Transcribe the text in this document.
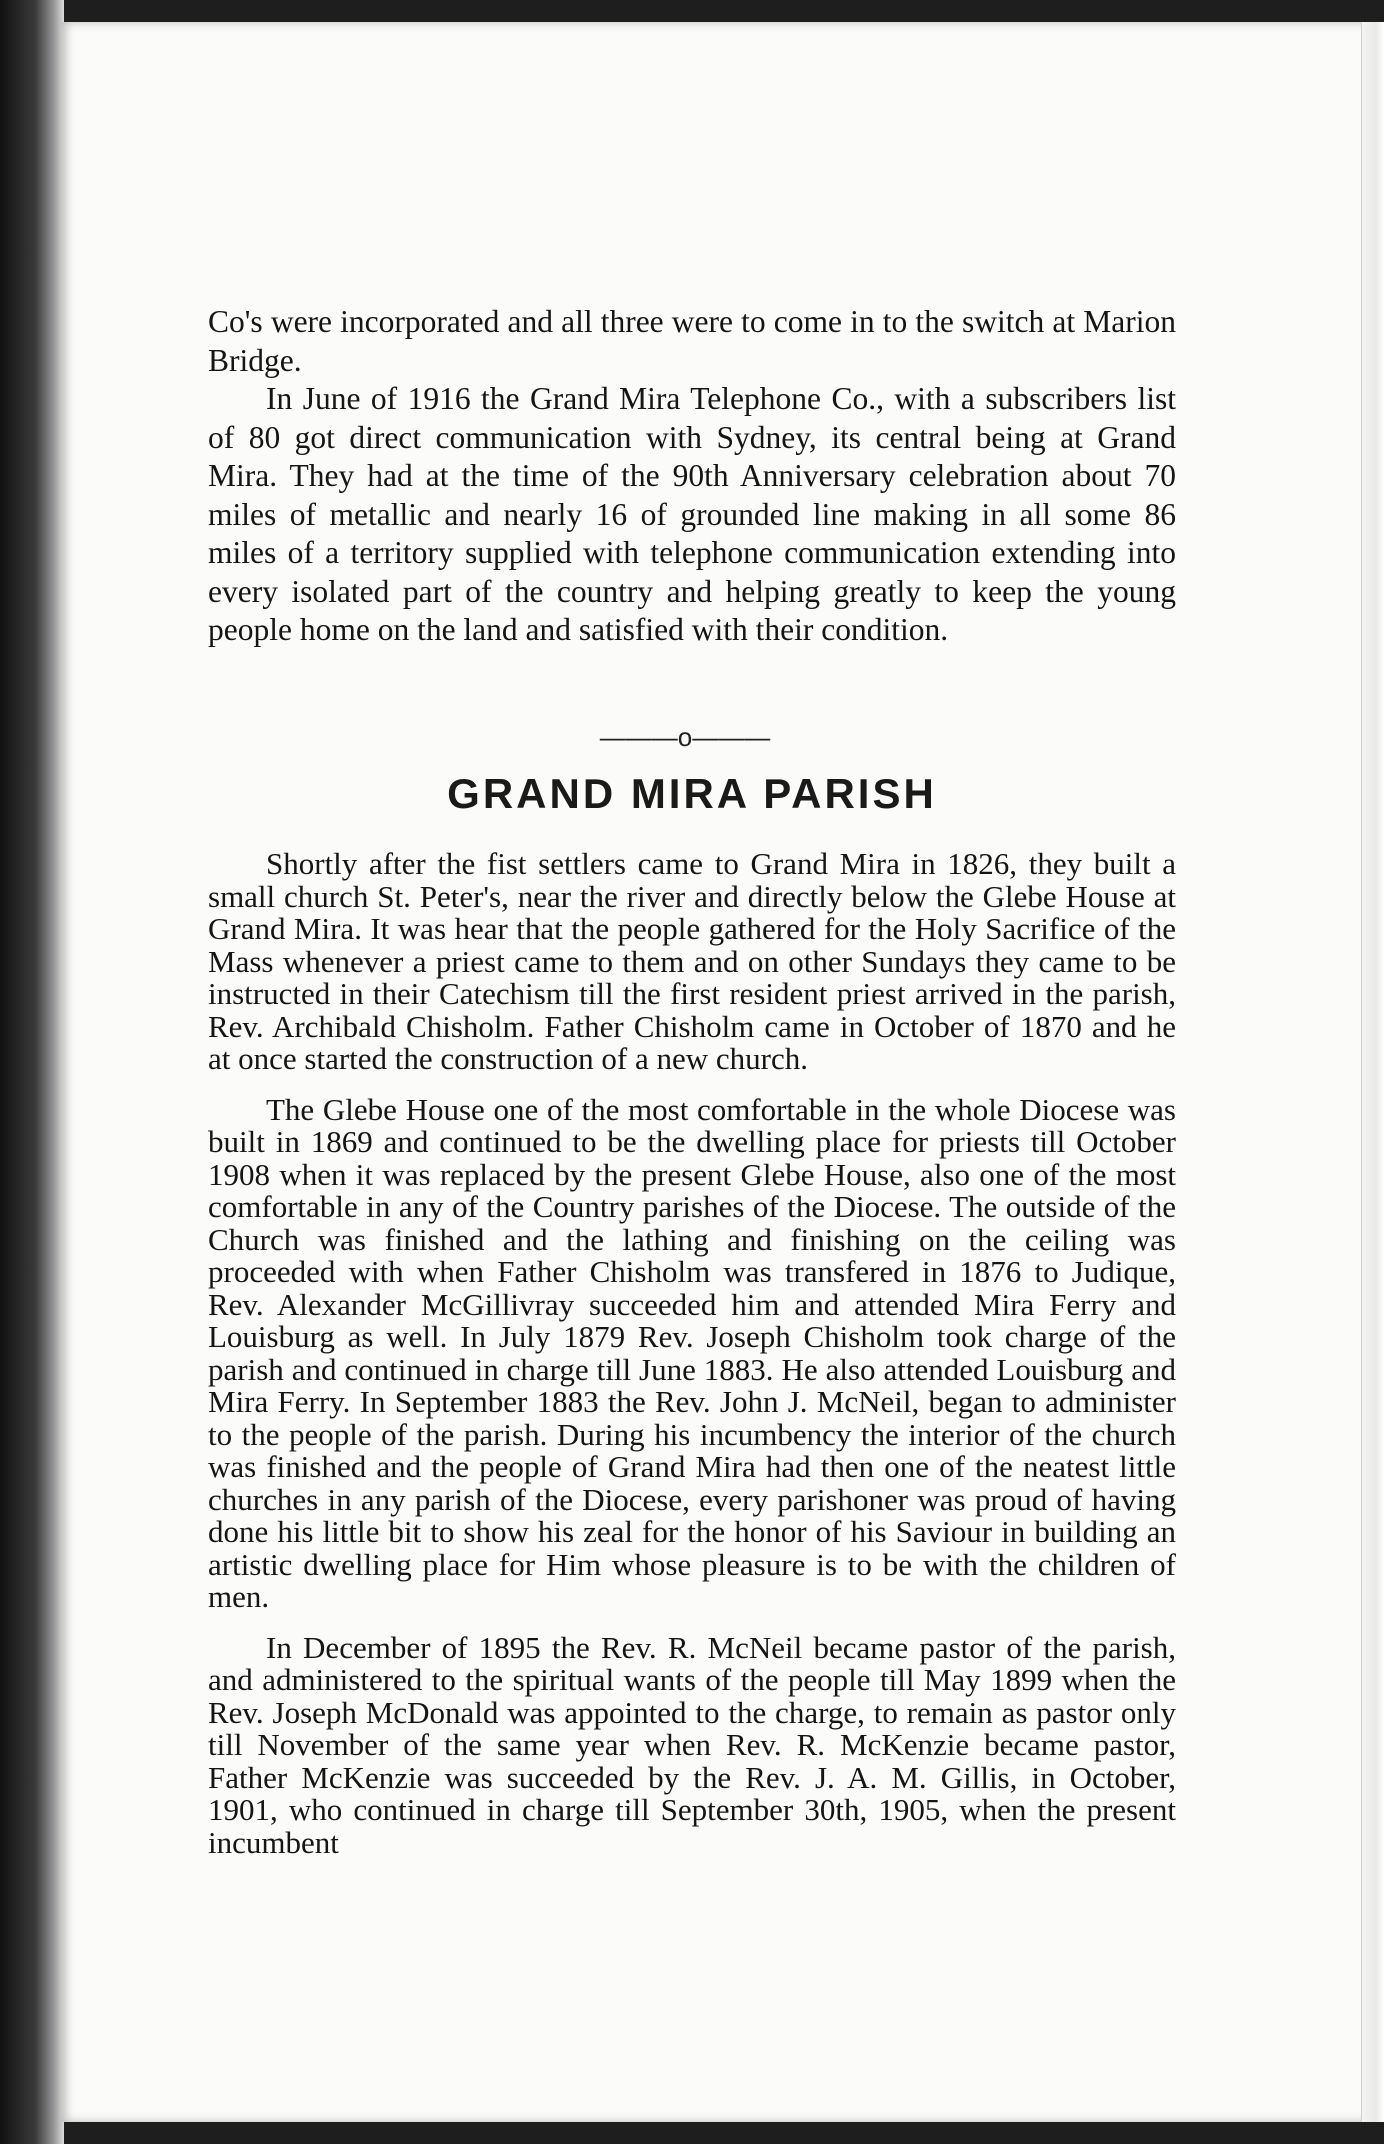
Co's were incorporated and all three were to come in to the switch at Marion Bridge.

In June of 1916 the Grand Mira Telephone Co., with a subscribers list of 80 got direct communication with Sydney, its central being at Grand Mira. They had at the time of the 90th Anniversary celebration about 70 miles of metallic and nearly 16 of grounded line making in all some 86 miles of a territory supplied with telephone communication extending into every isolated part of the country and helping greatly to keep the young people home on the land and satisfied with their condition.

———o———
GRAND MIRA PARISH

Shortly after the fist settlers came to Grand Mira in 1826, they built a small church St. Peter's, near the river and directly below the Glebe House at Grand Mira. It was hear that the people gathered for the Holy Sacrifice of the Mass whenever a priest came to them and on other Sundays they came to be instructed in their Catechism till the first resident priest arrived in the parish, Rev. Archibald Chisholm. Father Chisholm came in October of 1870 and he at once started the construction of a new church.

The Glebe House one of the most comfortable in the whole Diocese was built in 1869 and continued to be the dwelling place for priests till October 1908 when it was replaced by the present Glebe House, also one of the most comfortable in any of the Country parishes of the Diocese. The outside of the Church was finished and the lathing and finishing on the ceiling was proceeded with when Father Chisholm was transfered in 1876 to Judique, Rev. Alexander McGillivray succeeded him and attended Mira Ferry and Louisburg as well. In July 1879 Rev. Joseph Chisholm took charge of the parish and continued in charge till June 1883. He also attended Louisburg and Mira Ferry. In September 1883 the Rev. John J. McNeil, began to administer to the people of the parish. During his incumbency the interior of the church was finished and the people of Grand Mira had then one of the neatest little churches in any parish of the Diocese, every parishoner was proud of having done his little bit to show his zeal for the honor of his Saviour in building an artistic dwelling place for Him whose pleasure is to be with the children of men.

In December of 1895 the Rev. R. McNeil became pastor of the parish, and administered to the spiritual wants of the people till May 1899 when the Rev. Joseph McDonald was appointed to the charge, to remain as pastor only till November of the same year when Rev. R. McKenzie became pastor, Father McKenzie was succeeded by the Rev. J. A. M. Gillis, in October, 1901, who continued in charge till September 30th, 1905, when the present incumbent
